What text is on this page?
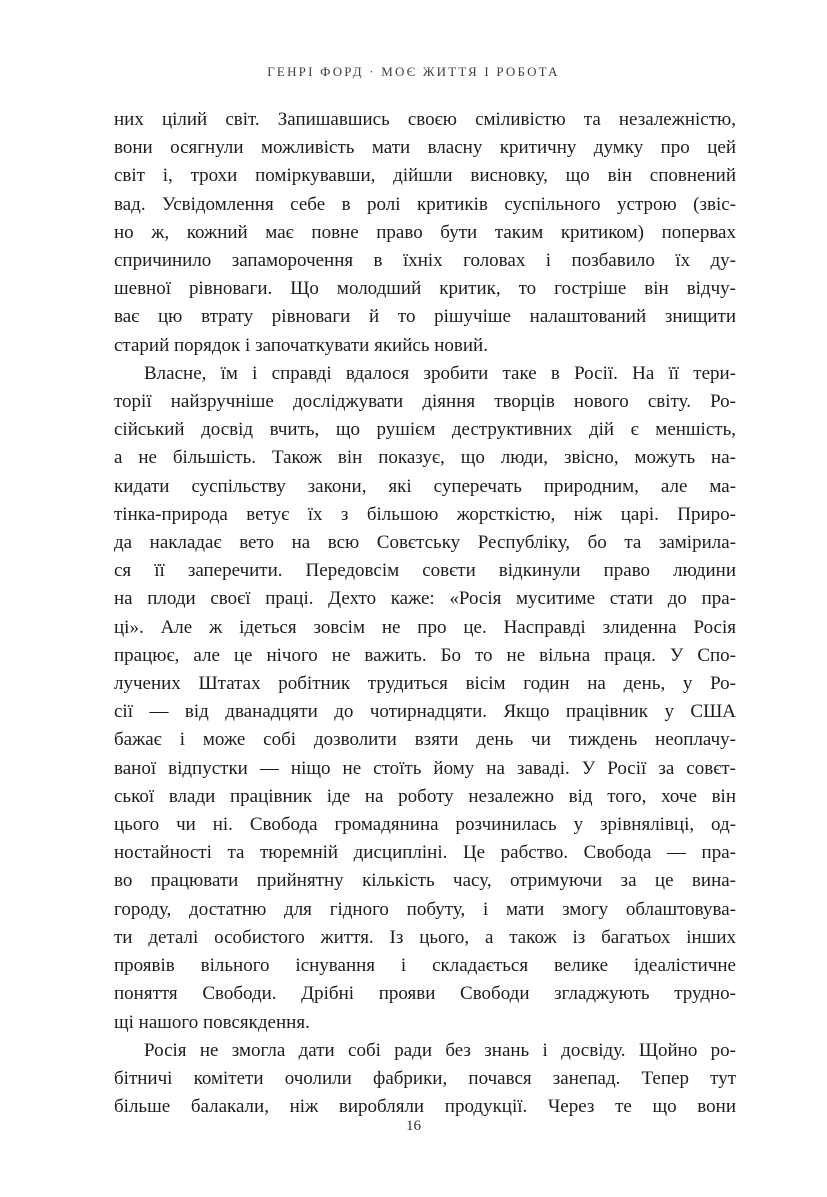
ГЕНРІ ФОРД · МОЄ ЖИТТЯ І РОБОТА
них цілий світ. Запишавшись своєю сміливістю та незалежністю,
вони осягнули можливість мати власну критичну думку про цей
світ і, трохи поміркувавши, дійшли висновку, що він сповнений
вад. Усвідомлення себе в ролі критиків суспільного устрою (звіс-
но ж, кожний має повне право бути таким критиком) попервах
спричинило запаморочення в їхніх головах і позбавило їх ду-
шевної рівноваги. Що молодший критик, то гостріше він відчу-
ває цю втрату рівноваги й то рішучіше налаштований знищити
старий порядок і започаткувати якийсь новий.
Власне, їм і справді вдалося зробити таке в Росії. На її тери-
торії найзручніше досліджувати діяння творців нового світу. Ро-
сійський досвід вчить, що рушієм деструктивних дій є меншість,
а не більшість. Також він показує, що люди, звісно, можуть на-
кидати суспільству закони, які суперечать природним, але ма-
тінка-природа ветує їх з більшою жорсткістю, ніж царі. Приро-
да накладає вето на всю Совєтську Республіку, бо та замірила-
ся її заперечити. Передовсім совєти відкинули право людини
на плоди своєї праці. Дехто каже: «Росія муситиме стати до пра-
ці». Але ж ідеться зовсім не про це. Насправді злиденна Росія
працює, але це нічого не важить. Бо то не вільна праця. У Спо-
лучених Штатах робітник трудиться вісім годин на день, у Ро-
сії — від дванадцяти до чотирнадцяти. Якщо працівник у США
бажає і може собі дозволити взяти день чи тиждень неоплачу-
ваної відпустки — ніщо не стоїть йому на заваді. У Росії за совєт-
ської влади працівник іде на роботу незалежно від того, хоче він
цього чи ні. Свобода громадянина розчинилась у зрівнялівці, од-
ностайності та тюремній дисципліні. Це рабство. Свобода — пра-
во працювати прийнятну кількість часу, отримуючи за це вина-
городу, достатню для гідного побуту, і мати змогу облаштовува-
ти деталі особистого життя. Із цього, а також із багатьох інших
проявів вільного існування і складається велике ідеалістичне
поняття Свободи. Дрібні прояви Свободи згладжують трудно-
щі нашого повсякдення.
Росія не змогла дати собі ради без знань і досвіду. Щойно ро-
бітничі комітети очолили фабрики, почався занепад. Тепер тут
більше балакали, ніж виробляли продукції. Через те що вони
16
